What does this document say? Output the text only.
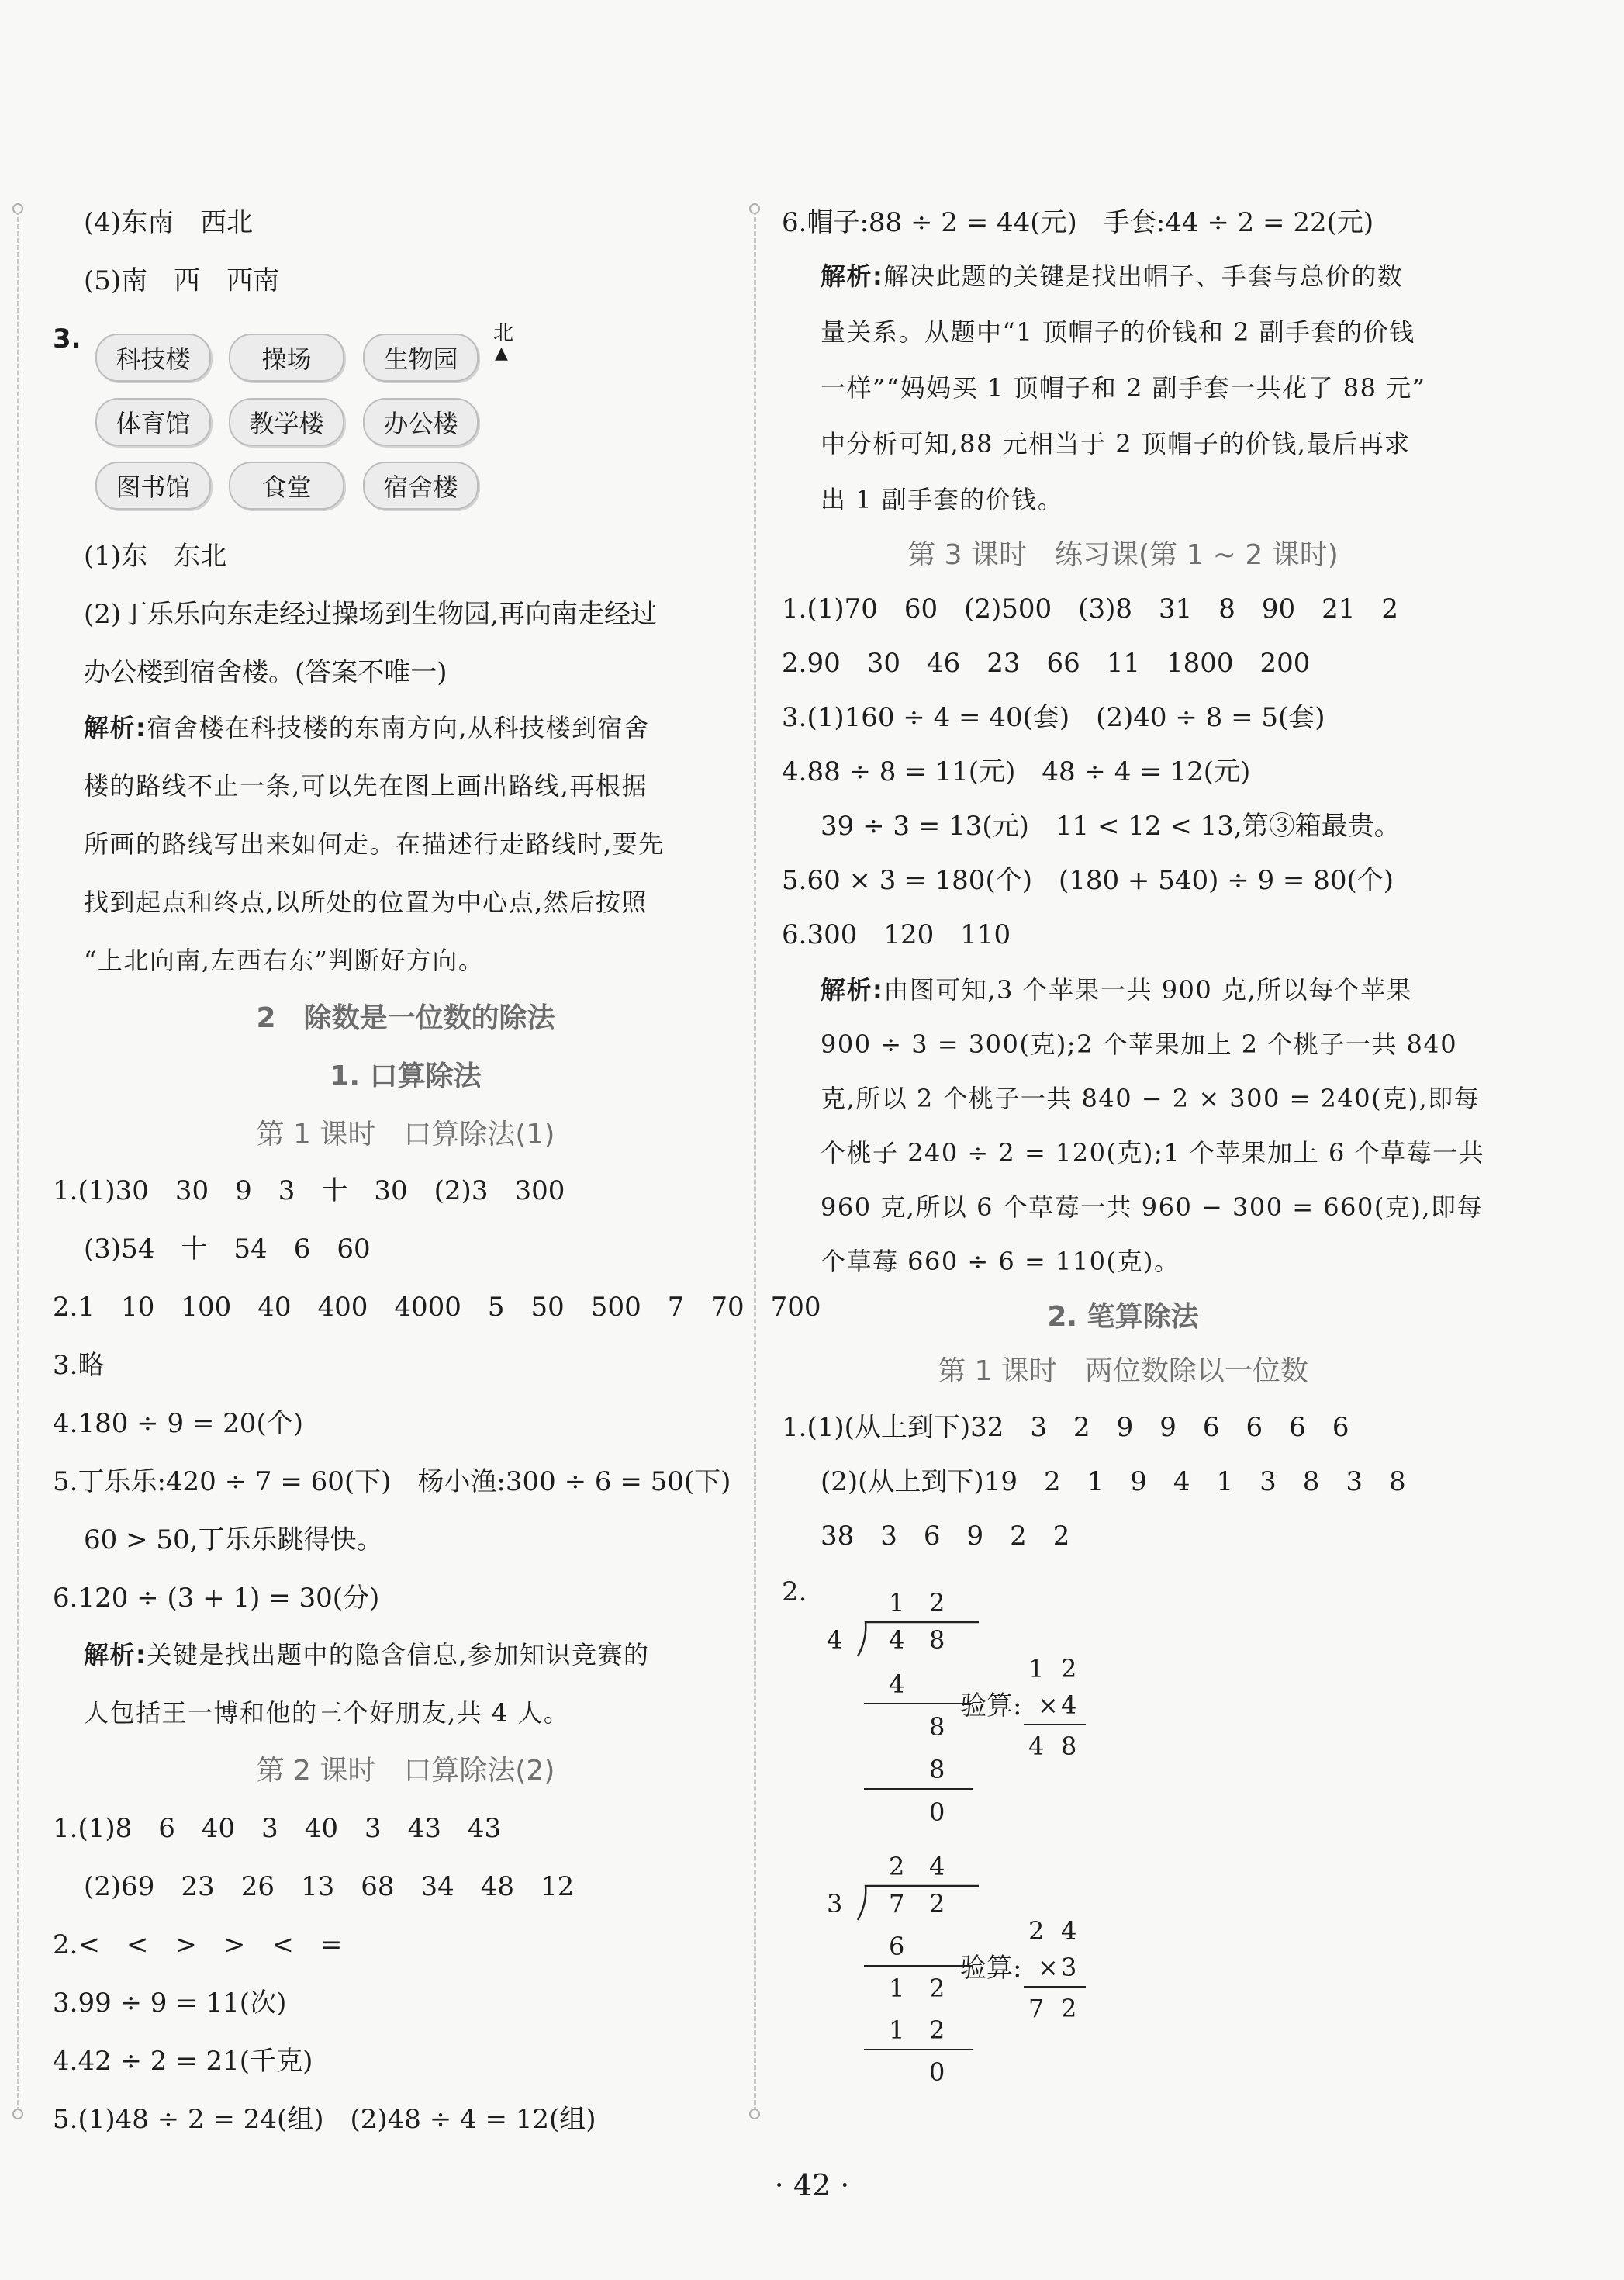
(4)东南　西北
(5)南　西　西南
3.
科技楼	操场	生物园
体育馆	教学楼	办公楼
图书馆	食堂	宿舍楼
北
▲
(1)东　东北
(2)丁乐乐向东走经过操场到生物园,再向南走经过
办公楼到宿舍楼。(答案不唯一)
解析:宿舍楼在科技楼的东南方向,从科技楼到宿舍
楼的路线不止一条,可以先在图上画出路线,再根据
所画的路线写出来如何走。在描述行走路线时,要先
找到起点和终点,以所处的位置为中心点,然后按照
“上北向南,左西右东”判断好方向。
2　除数是一位数的除法
1. 口算除法
第 1 课时　口算除法(1)
1.(1)30　30　9　3　十　30　(2)3　300
(3)54　十　54　6　60
2.1　10　100　40　400　4000　5　50　500　7　70　700
3.略
4.180 ÷ 9 = 20(个)
5.丁乐乐:420 ÷ 7 = 60(下)　杨小渔:300 ÷ 6 = 50(下)
60 > 50,丁乐乐跳得快。
6.120 ÷ (3 + 1) = 30(分)
解析:关键是找出题中的隐含信息,参加知识竞赛的
人包括王一博和他的三个好朋友,共 4 人。
第 2 课时　口算除法(2)
1.(1)8　6　40　3　40　3　43　43
(2)69　23　26　13　68　34　48　12
2.<　<　>　>　<　=
3.99 ÷ 9 = 11(次)
4.42 ÷ 2 = 21(千克)
5.(1)48 ÷ 2 = 24(组)　(2)48 ÷ 4 = 12(组)
6.帽子:88 ÷ 2 = 44(元)　手套:44 ÷ 2 = 22(元)
解析:解决此题的关键是找出帽子、手套与总价的数
量关系。从题中“1 顶帽子的价钱和 2 副手套的价钱
一样”“妈妈买 1 顶帽子和 2 副手套一共花了 88 元”
中分析可知,88 元相当于 2 顶帽子的价钱,最后再求
出 1 副手套的价钱。
第 3 课时　练习课(第 1 ~ 2 课时)
1.(1)70　60　(2)500　(3)8　31　8　90　21　2
2.90　30　46　23　66　11　1800　200
3.(1)160 ÷ 4 = 40(套)　(2)40 ÷ 8 = 5(套)
4.88 ÷ 8 = 11(元)　48 ÷ 4 = 12(元)
39 ÷ 3 = 13(元)　11 < 12 < 13,第③箱最贵。
5.60 × 3 = 180(个)　(180 + 540) ÷ 9 = 80(个)
6.300　120　110
解析:由图可知,3 个苹果一共 900 克,所以每个苹果
900 ÷ 3 = 300(克);2 个苹果加上 2 个桃子一共 840
克,所以 2 个桃子一共 840 − 2 × 300 = 240(克),即每
个桃子 240 ÷ 2 = 120(克);1 个苹果加上 6 个草莓一共
960 克,所以 6 个草莓一共 960 − 300 = 660(克),即每
个草莓 660 ÷ 6 = 110(克)。
2. 笔算除法
第 1 课时　两位数除以一位数
1.(1)(从上到下)32　3　2　9　9　6　6　6　6
(2)(从上到下)19　2　1　9　4　1　3　8　3　8
38　3　6　9　2　2
2.	1 2
4 4 8
4
8
8
0
验算:
1 2
× 4
4 8
2 4
3 7 2
6
1 2
1 2
0
验算:
2 4
× 3
7 2
· 42 ·
